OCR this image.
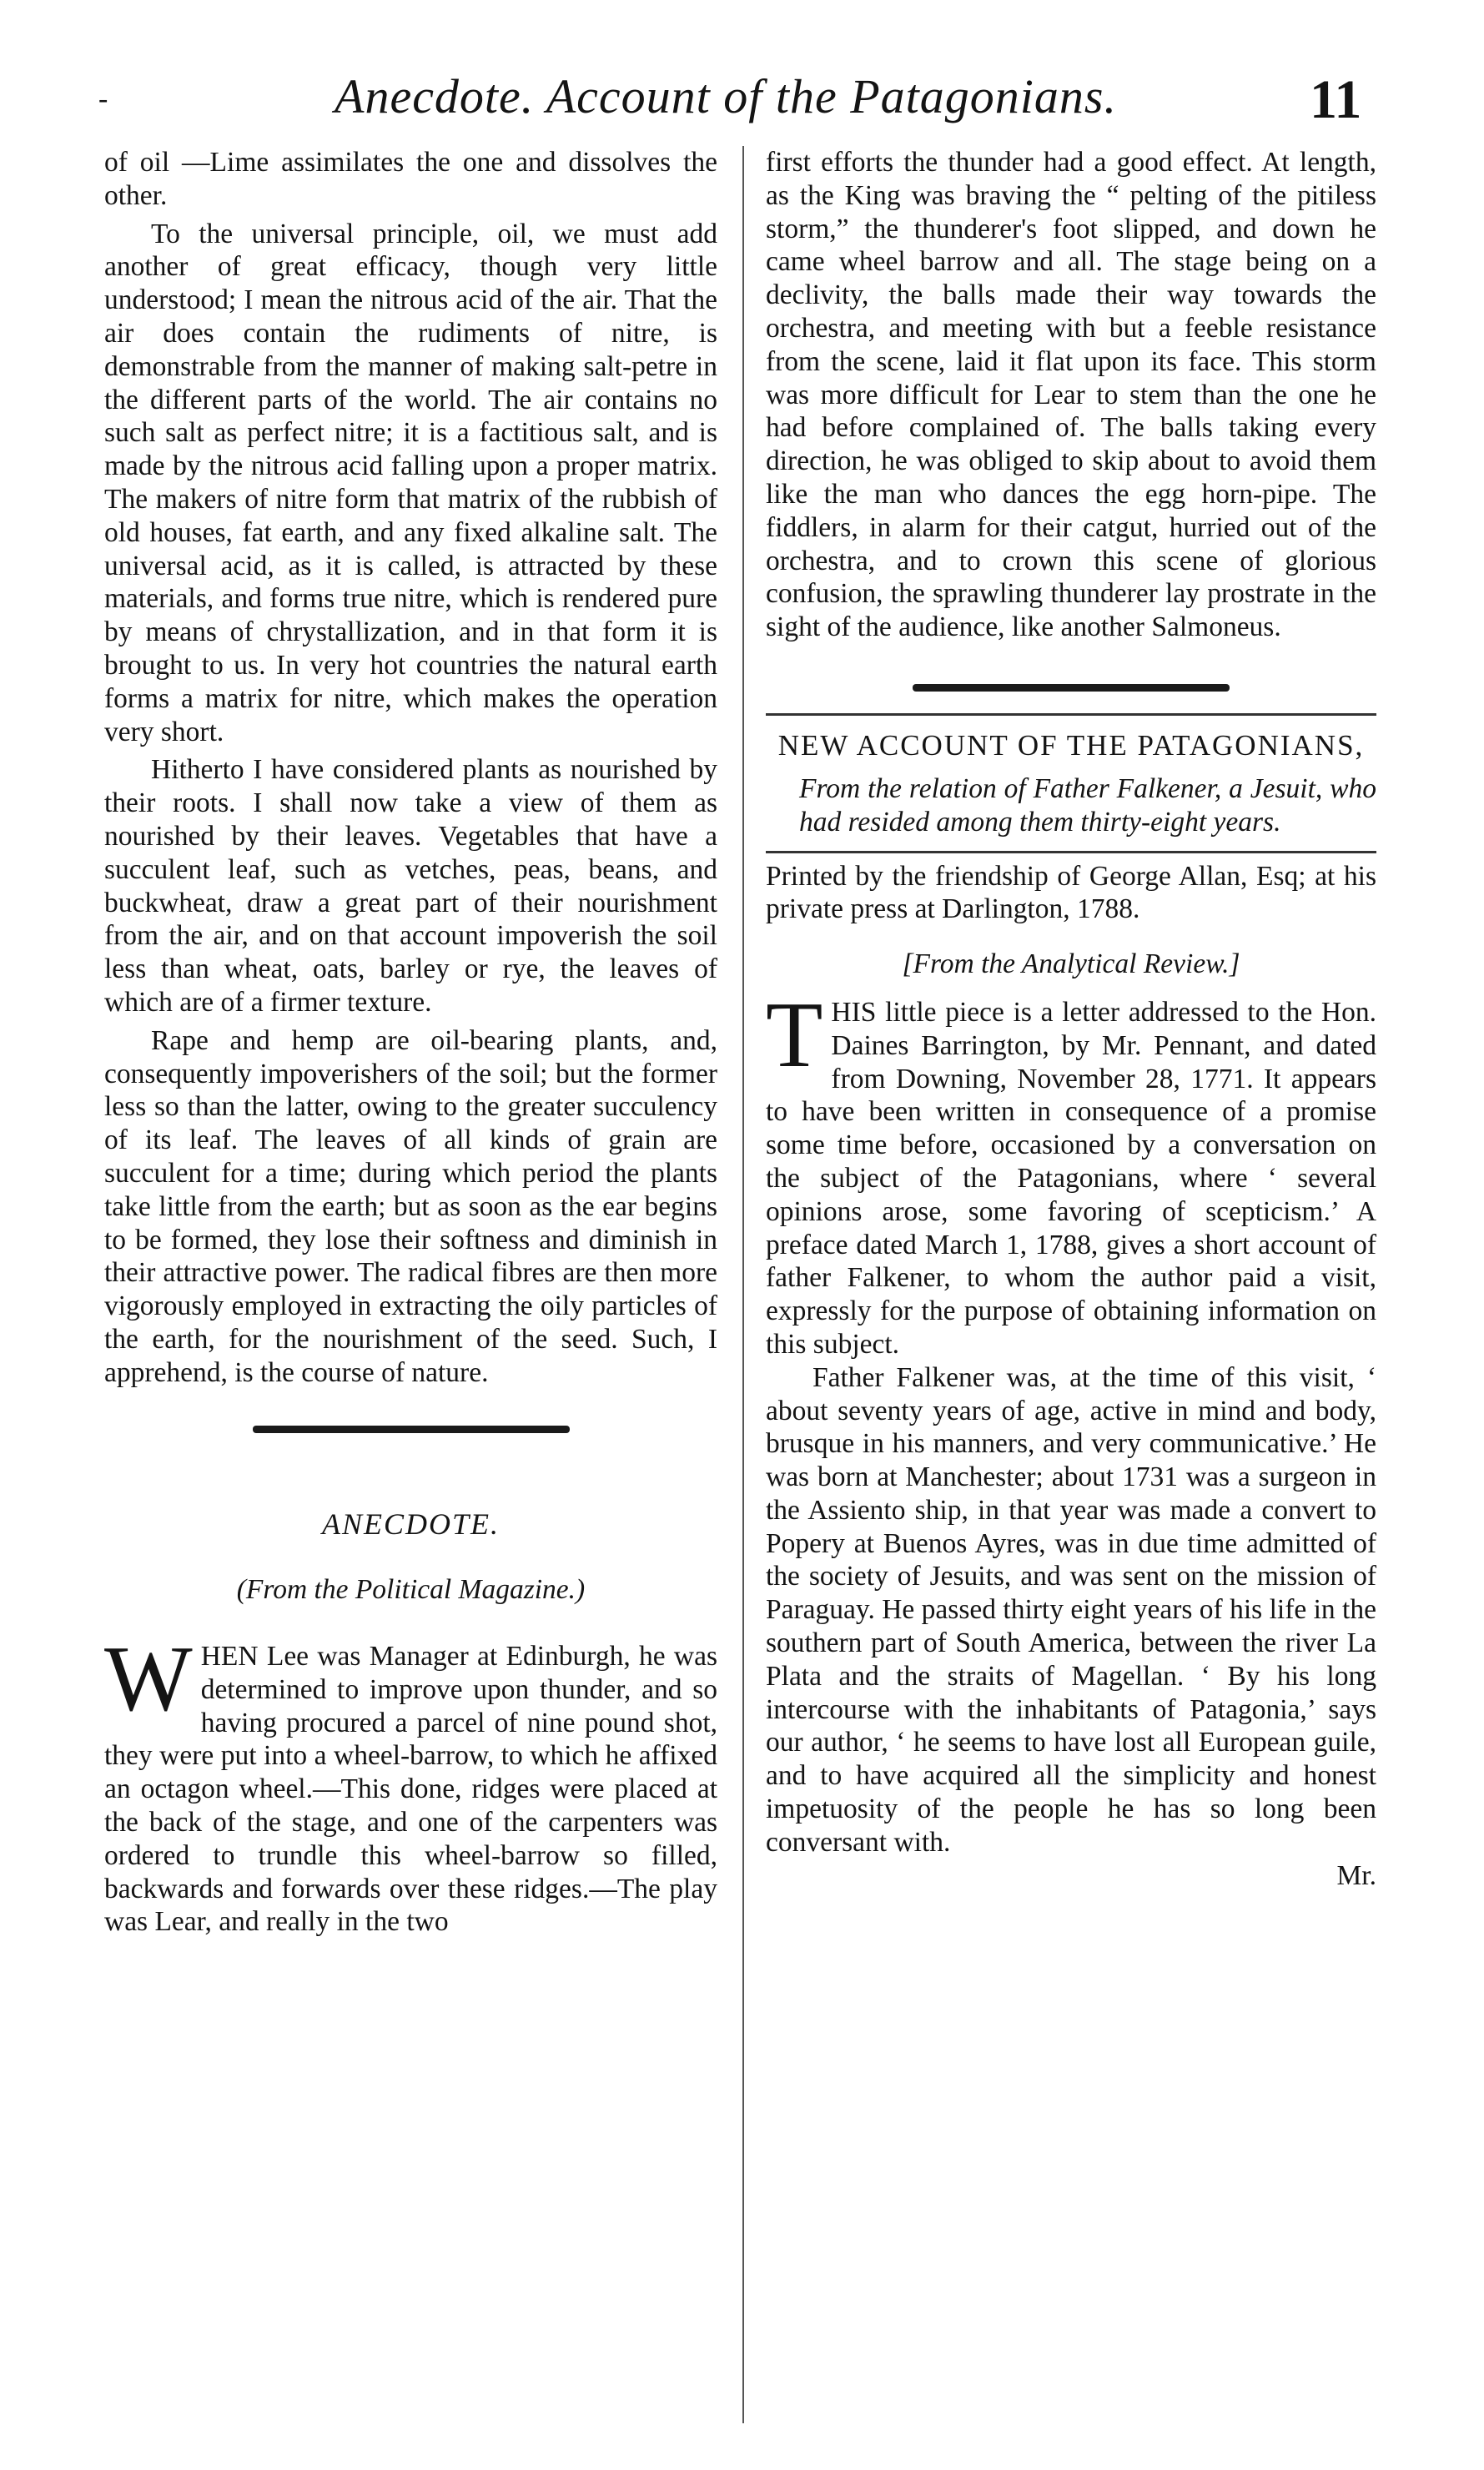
-	Anecdote. Account of the Patagonians.	11

of oil —Lime assimilates the one and dissolves the other.

To the universal principle, oil, we must add another of great efficacy, though very little understood; I mean the nitrous acid of the air. That the air does contain the rudiments of nitre, is demonstrable from the manner of making salt-petre in the different parts of the world. The air contains no such salt as perfect nitre; it is a factitious salt, and is made by the nitrous acid falling upon a proper matrix. The makers of nitre form that matrix of the rubbish of old houses, fat earth, and any fixed alkaline salt. The universal acid, as it is called, is attracted by these materials, and forms true nitre, which is rendered pure by means of chrystallization, and in that form it is brought to us. In very hot countries the natural earth forms a matrix for nitre, which makes the operation very short.

Hitherto I have considered plants as nourished by their roots. I shall now take a view of them as nourished by their leaves. Vegetables that have a succulent leaf, such as vetches, peas, beans, and buckwheat, draw a great part of their nourishment from the air, and on that account impoverish the soil less than wheat, oats, barley or rye, the leaves of which are of a firmer texture.

Rape and hemp are oil-bearing plants, and, consequently impoverishers of the soil; but the former less so than the latter, owing to the greater succulency of its leaf. The leaves of all kinds of grain are succulent for a time; during which period the plants take little from the earth; but as soon as the ear begins to be formed, they lose their softness and diminish in their attractive power. The radical fibres are then more vigorously employed in extracting the oily particles of the earth, for the nourishment of the seed. Such, I apprehend, is the course of nature.

ANECDOTE.
(From the Political Magazine.)
W HEN Lee was Manager at Edinburgh, he was determined to improve upon thunder, and so having procured a parcel of nine pound shot, they were put into a wheel-barrow, to which he affixed an octagon wheel.—This done, ridges were placed at the back of the stage, and one of the carpenters was ordered to trundle this wheel-barrow so filled, backwards and forwards over these ridges.—The play was Lear, and really in the two

first efforts the thunder had a good effect. At length, as the King was braving the “ pelting of the pitiless storm,” the thunderer's foot slipped, and down he came wheel barrow and all. The stage being on a declivity, the balls made their way towards the orchestra, and meeting with but a feeble resistance from the scene, laid it flat upon its face. This storm was more difficult for Lear to stem than the one he had before complained of. The balls taking every direction, he was obliged to skip about to avoid them like the man who dances the egg horn-pipe. The fiddlers, in alarm for their catgut, hurried out of the orchestra, and to crown this scene of glorious confusion, the sprawling thunderer lay prostrate in the sight of the audience, like another Salmoneus.

NEW ACCOUNT OF THE PATAGONIANS,

From the relation of Father Falkener, a Jesuit, who had resided among them thirty-eight years.

Printed by the friendship of George Allan, Esq; at his private press at Darlington, 1788.

[From the Analytical Review.]
T HIS little piece is a letter addressed to the Hon. Daines Barrington, by Mr. Pennant, and dated from Downing, November 28, 1771. It appears to have been written in consequence of a promise some time before, occasioned by a conversation on the subject of the Patagonians, where ‘ several opinions arose, some favoring of scepticism.’ A preface dated March 1, 1788, gives a short account of father Falkener, to whom the author paid a visit, expressly for the purpose of obtaining information on this subject.

Father Falkener was, at the time of this visit, ‘ about seventy years of age, active in mind and body, brusque in his manners, and very communicative.’ He was born at Manchester; about 1731 was a surgeon in the Assiento ship, in that year was made a convert to Popery at Buenos Ayres, was in due time admitted of the society of Jesuits, and was sent on the mission of Paraguay. He passed thirty eight years of his life in the southern part of South America, between the river La Plata and the straits of Magellan. ‘ By his long intercourse with the inhabitants of Patagonia,’ says our author, ‘ he seems to have lost all European guile, and to have acquired all the simplicity and honest impetuosity of the people he has so long been conversant with.

Mr.
